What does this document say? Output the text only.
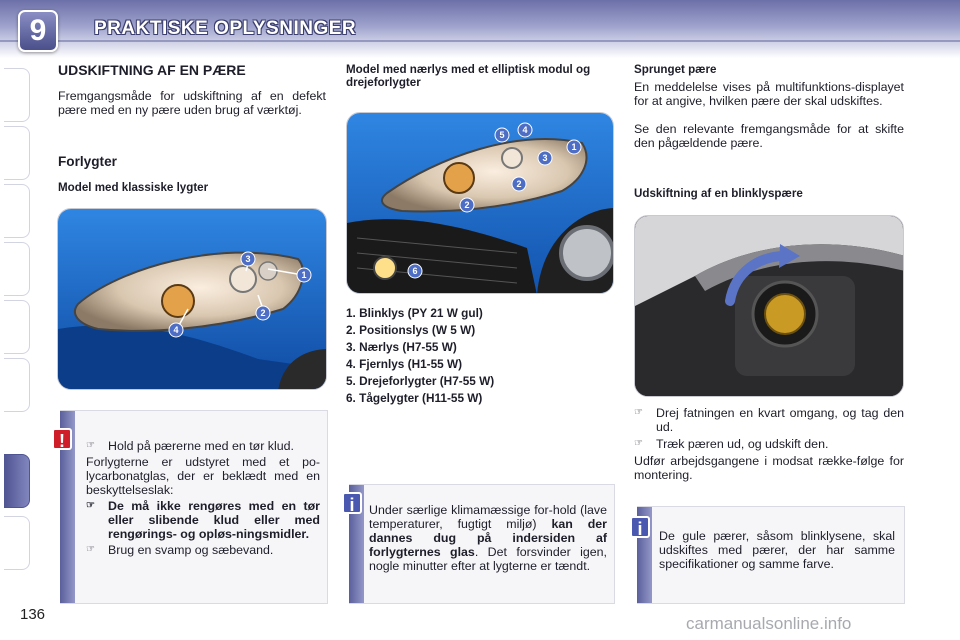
9	PRAKTISKE OPLYSNINGER
136
UDSKIFTNING AF EN PÆRE
Fremgangsmåde for udskiftning af en defekt pære med en ny pære uden brug af værktøj.
Forlygter
Model med klassiske lygter
3
1
2
4
☞ Hold på pærerne med en tør klud.
Forlygterne er udstyret med et po-lycarbonatglas, der er beklædt med en beskyttelseslak:
☞ De må ikke rengøres med en tør eller slibende klud eller med rengørings- og opløs-ningsmidler.
☞ Brug en svamp og sæbevand.
!
Model med nærlys med et elliptisk modul og drejeforlygter
5 4
1
3
2
2
6
1. Blinklys (PY 21 W gul)
2. Positionslys (W 5 W)
3. Nærlys (H7-55 W)
4. Fjernlys (H1-55 W)
5. Drejeforlygter (H7-55 W)
6. Tågelygter (H11-55 W)
Under særlige klimamæssige for-hold (lave temperaturer, fugtigt miljø) kan der dannes dug på indersiden af forlygternes glas. Det forsvinder igen, nogle minutter efter at lygterne er tændt.
i
Sprunget pære
En meddelelse vises på multifunktions-displayet for at angive, hvilken pære der skal udskiftes.
Se den relevante fremgangsmåde for at skifte den pågældende pære.
Udskiftning af en blinklyspære
☞ Drej fatningen en kvart omgang, og tag den ud.
☞ Træk pæren ud, og udskift den.
Udfør arbejdsgangene i modsat række-følge for montering.
De gule pærer, såsom blinklysene, skal udskiftes med pærer, der har samme specifikationer og samme farve.
i
carmanualsonline.info
